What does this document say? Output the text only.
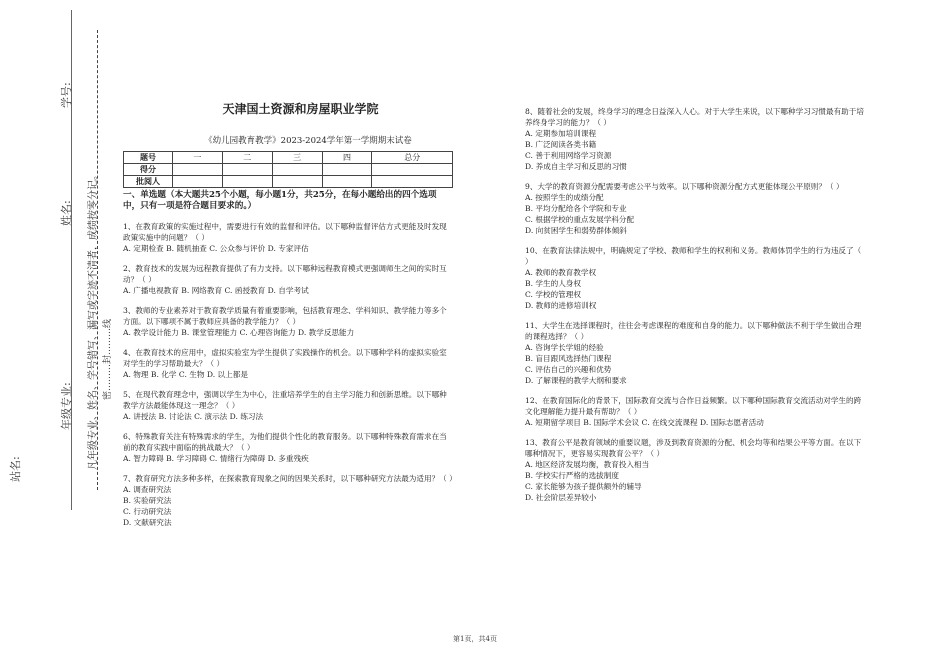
学号:
姓名:
年级专业:	凡年级专业、姓名、学号错写、漏写或字迹不清者，成绩按零分记。 密………封………线
站名:
天津国土资源和房屋职业学院
《幼儿园教育教学》2023-2024学年第一学期期末试卷
题号	一	二	三	四	总分
得分					
批阅人					
一、单选题（本大题共25个小题，每小题1分，共25分，在每小题给出的四个选项中，只有一项是符合题目要求的。）
1、在教育政策的实施过程中，需要进行有效的监督和评估。以下哪种监督评估方式更能及时发现政策实施中的问题？（ ）
A. 定期检查 B. 随机抽查 C. 公众参与评价 D. 专家评估
2、教育技术的发展为远程教育提供了有力支持。以下哪种远程教育模式更强调师生之间的实时互动？（ ）
A. 广播电视教育 B. 网络教育 C. 函授教育 D. 自学考试
3、教师的专业素养对于教育教学质量有着重要影响，包括教育理念、学科知识、教学能力等多个方面。以下哪项不属于教师应具备的教学能力？（ ）
A. 教学设计能力 B. 课堂管理能力 C. 心理咨询能力 D. 教学反思能力
4、在教育技术的应用中，虚拟实验室为学生提供了实践操作的机会。以下哪种学科的虚拟实验室对学生的学习帮助最大？（ ）
A. 物理 B. 化学 C. 生物 D. 以上都是
5、在现代教育理念中，强调以学生为中心，注重培养学生的自主学习能力和创新思维。以下哪种教学方法最能体现这一理念？（ ）
A. 讲授法 B. 讨论法 C. 演示法 D. 练习法
6、特殊教育关注有特殊需求的学生，为他们提供个性化的教育服务。以下哪种特殊教育需求在当前的教育实践中面临的挑战最大？（ ）
A. 智力障碍 B. 学习障碍 C. 情绪行为障碍 D. 多重残疾
7、教育研究方法多种多样，在探索教育现象之间的因果关系时，以下哪种研究方法最为适用？（ ）
A. 调查研究法
B. 实验研究法
C. 行动研究法
D. 文献研究法
8、随着社会的发展，终身学习的理念日益深入人心。对于大学生来说，以下哪种学习习惯最有助于培养终身学习的能力？（ ）
A. 定期参加培训课程
B. 广泛阅读各类书籍
C. 善于利用网络学习资源
D. 养成自主学习和反思的习惯
9、大学的教育资源分配需要考虑公平与效率。以下哪种资源分配方式更能体现公平原则？（ ）
A. 按照学生的成绩分配
B. 平均分配给各个学院和专业
C. 根据学校的重点发展学科分配
D. 向贫困学生和弱势群体倾斜
10、在教育法律法规中，明确规定了学校、教师和学生的权利和义务。教师体罚学生的行为违反了（ ）
A. 教师的教育教学权
B. 学生的人身权
C. 学校的管理权
D. 教师的进修培训权
11、大学生在选择课程时，往往会考虑课程的难度和自身的能力。以下哪种做法不利于学生做出合理的课程选择？（ ）
A. 咨询学长学姐的经验
B. 盲目跟风选择热门课程
C. 评估自己的兴趣和优势
D. 了解课程的教学大纲和要求
12、在教育国际化的背景下，国际教育交流与合作日益频繁。以下哪种国际教育交流活动对学生的跨文化理解能力提升最有帮助？（ ）
A. 短期留学项目 B. 国际学术会议 C. 在线交流课程 D. 国际志愿者活动
13、教育公平是教育领域的重要议题，涉及到教育资源的分配、机会均等和结果公平等方面。在以下哪种情况下，更容易实现教育公平？（ ）
A. 地区经济发展均衡，教育投入相当
B. 学校实行严格的选拔制度
C. 家长能够为孩子提供额外的辅导
D. 社会阶层差异较小
第1页，共4页
